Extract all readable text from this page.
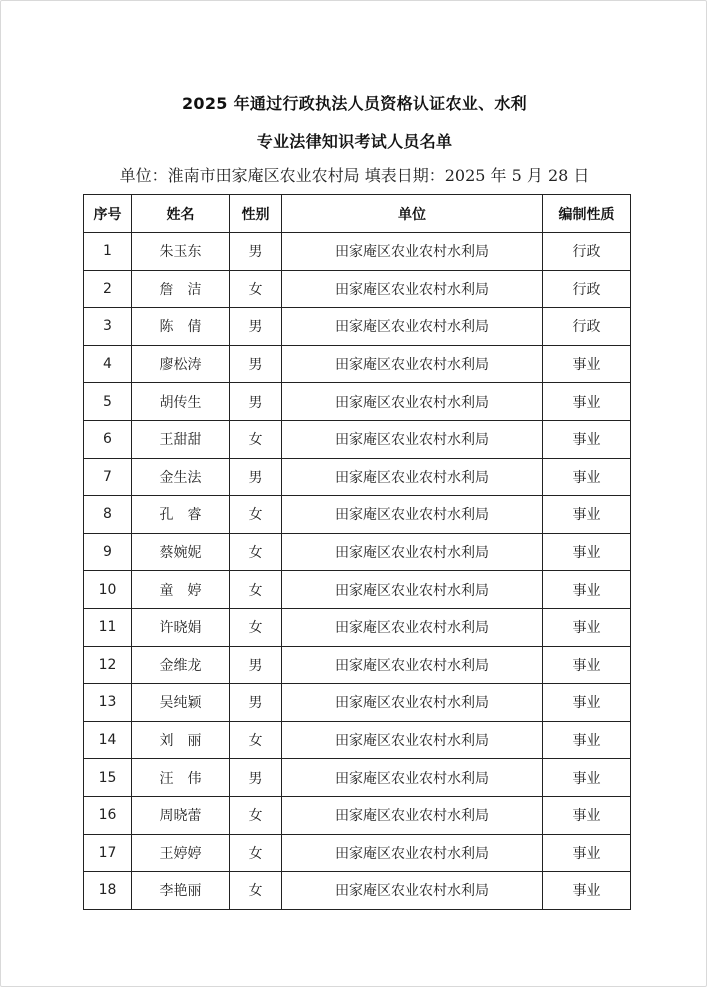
2025 年通过行政执法人员资格认证农业、水利
专业法律知识考试人员名单
单位：淮南市田家庵区农业农村局 填表日期：2025 年 5 月 28 日
序号	姓名	性别	单位	编制性质
1	朱玉东	男	田家庵区农业农村水利局	行政
2	詹　洁	女	田家庵区农业农村水利局	行政
3	陈　倩	男	田家庵区农业农村水利局	行政
4	廖松涛	男	田家庵区农业农村水利局	事业
5	胡传生	男	田家庵区农业农村水利局	事业
6	王甜甜	女	田家庵区农业农村水利局	事业
7	金生法	男	田家庵区农业农村水利局	事业
8	孔　睿	女	田家庵区农业农村水利局	事业
9	蔡婉妮	女	田家庵区农业农村水利局	事业
10	童　婷	女	田家庵区农业农村水利局	事业
11	许晓娟	女	田家庵区农业农村水利局	事业
12	金维龙	男	田家庵区农业农村水利局	事业
13	吴纯颖	男	田家庵区农业农村水利局	事业
14	刘　丽	女	田家庵区农业农村水利局	事业
15	汪　伟	男	田家庵区农业农村水利局	事业
16	周晓蕾	女	田家庵区农业农村水利局	事业
17	王婷婷	女	田家庵区农业农村水利局	事业
18	李艳丽	女	田家庵区农业农村水利局	事业
